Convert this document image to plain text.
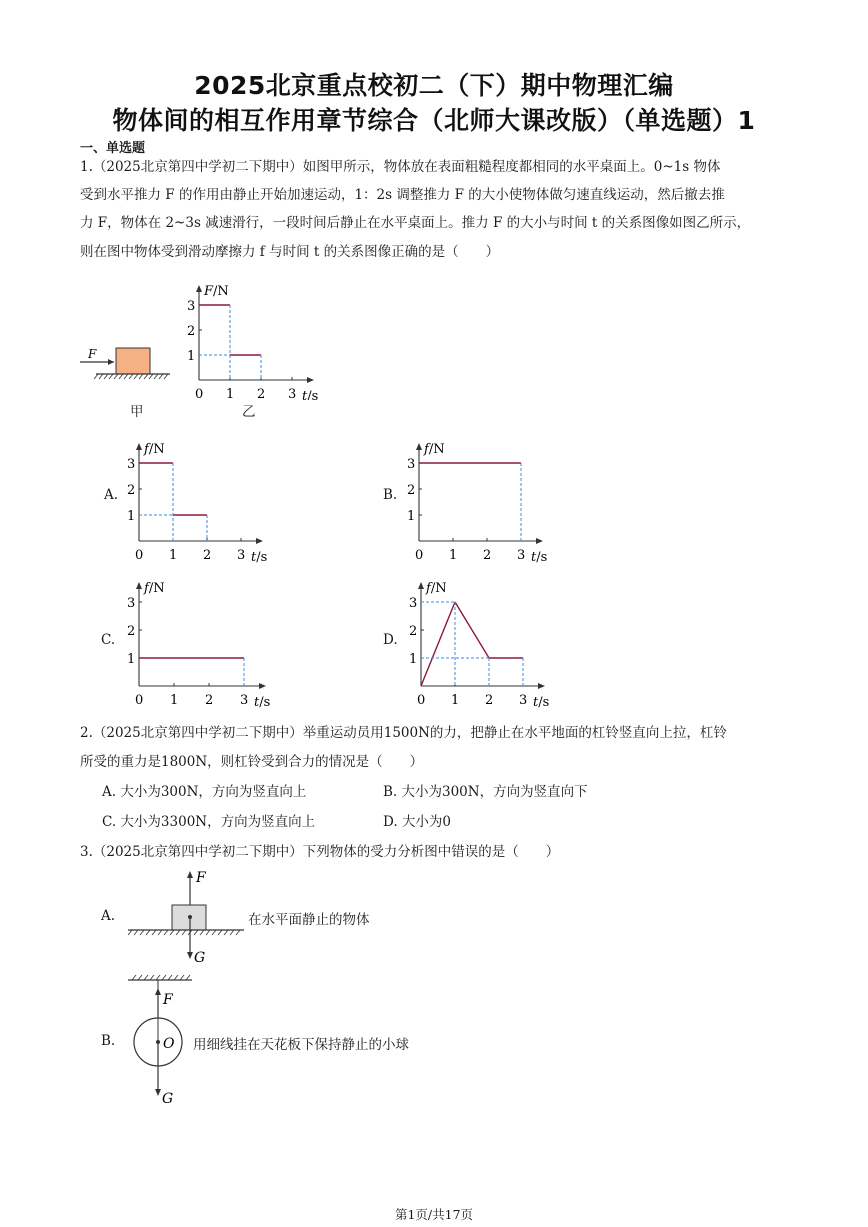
2025北京重点校初二（下）期中物理汇编
物体间的相互作用章节综合（北师大课改版）（单选题）1
一、单选题
1.（2025北京第四中学初二下期中）如图甲所示，物体放在表面粗糙程度都相同的水平桌面上。0~1s 物体
受到水平推力 F 的作用由静止开始加速运动，1：2s 调整推力 F 的大小使物体做匀速直线运动，然后撤去推
力 F，物体在 2~3s 减速滑行，一段时间后静止在水平桌面上。推力 F 的大小与时间 t 的关系图像如图乙所示，
则在图中物体受到滑动摩擦力 f 与时间 t 的关系图像正确的是（　　）
F
甲
1
2
3
0 1 2 3
F/N
t/s
乙
A.
1
2
3
0 1 2 3
f/N
t/s
B.
1
2
3
0 1 2 3
f/N
t/s
C.
1
2
3
0 1 2 3
f/N
t/s
D.
1
2
3
0 1 2 3
f/N
t/s
2.（2025北京第四中学初二下期中）举重运动员用1500N的力，把静止在水平地面的杠铃竖直向上拉，杠铃
所受的重力是1800N，则杠铃受到合力的情况是（　　）
A. 大小为300N，方向为竖直向上	B. 大小为300N，方向为竖直向下
C. 大小为3300N，方向为竖直向上	D. 大小为0
3.（2025北京第四中学初二下期中）下列物体的受力分析图中错误的是（　　）
A.
F
G
在水平面静止的物体
B.
F
O
G
用细线挂在天花板下保持静止的小球
第1页/共17页
